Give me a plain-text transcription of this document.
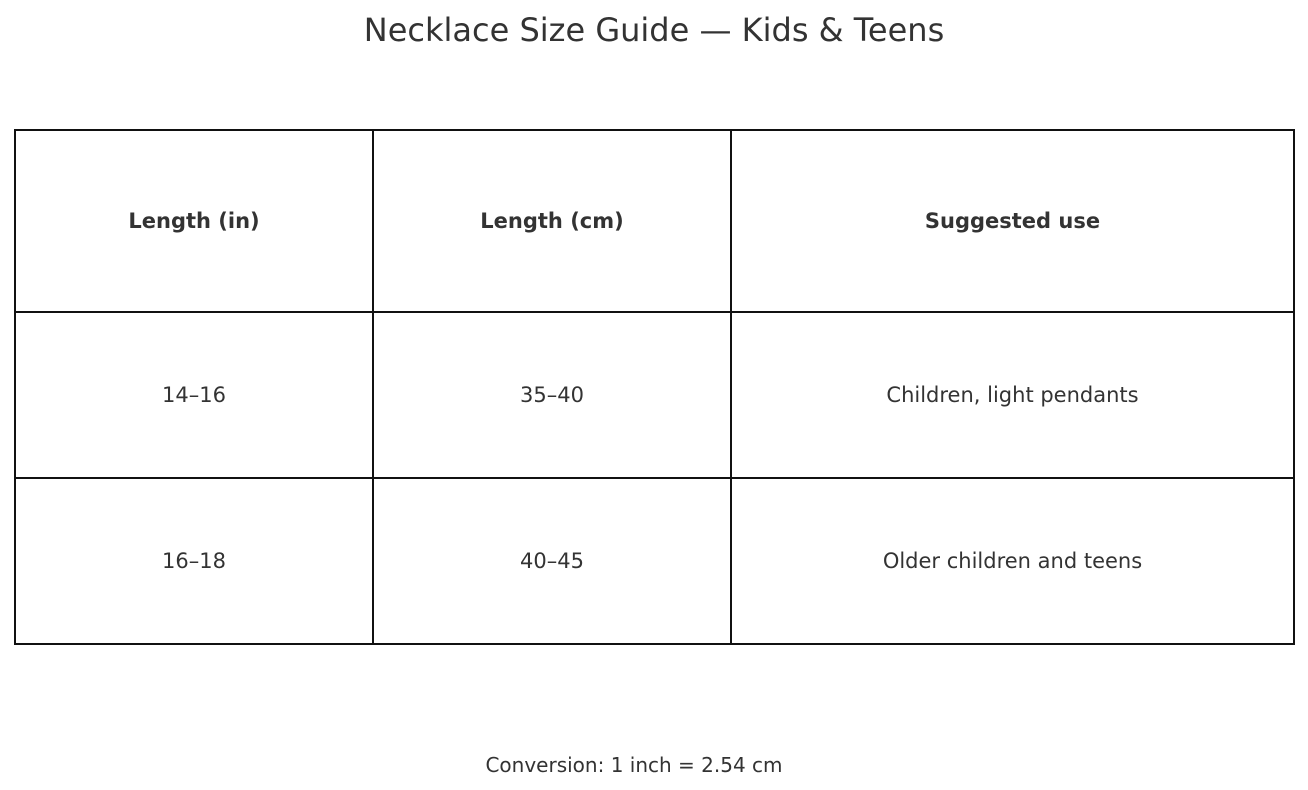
Necklace Size Guide — Kids & Teens
Length (in)	Length (cm)	Suggested use
14–16	35–40	Children, light pendants
16–18	40–45	Older children and teens
Conversion: 1 inch = 2.54 cm
